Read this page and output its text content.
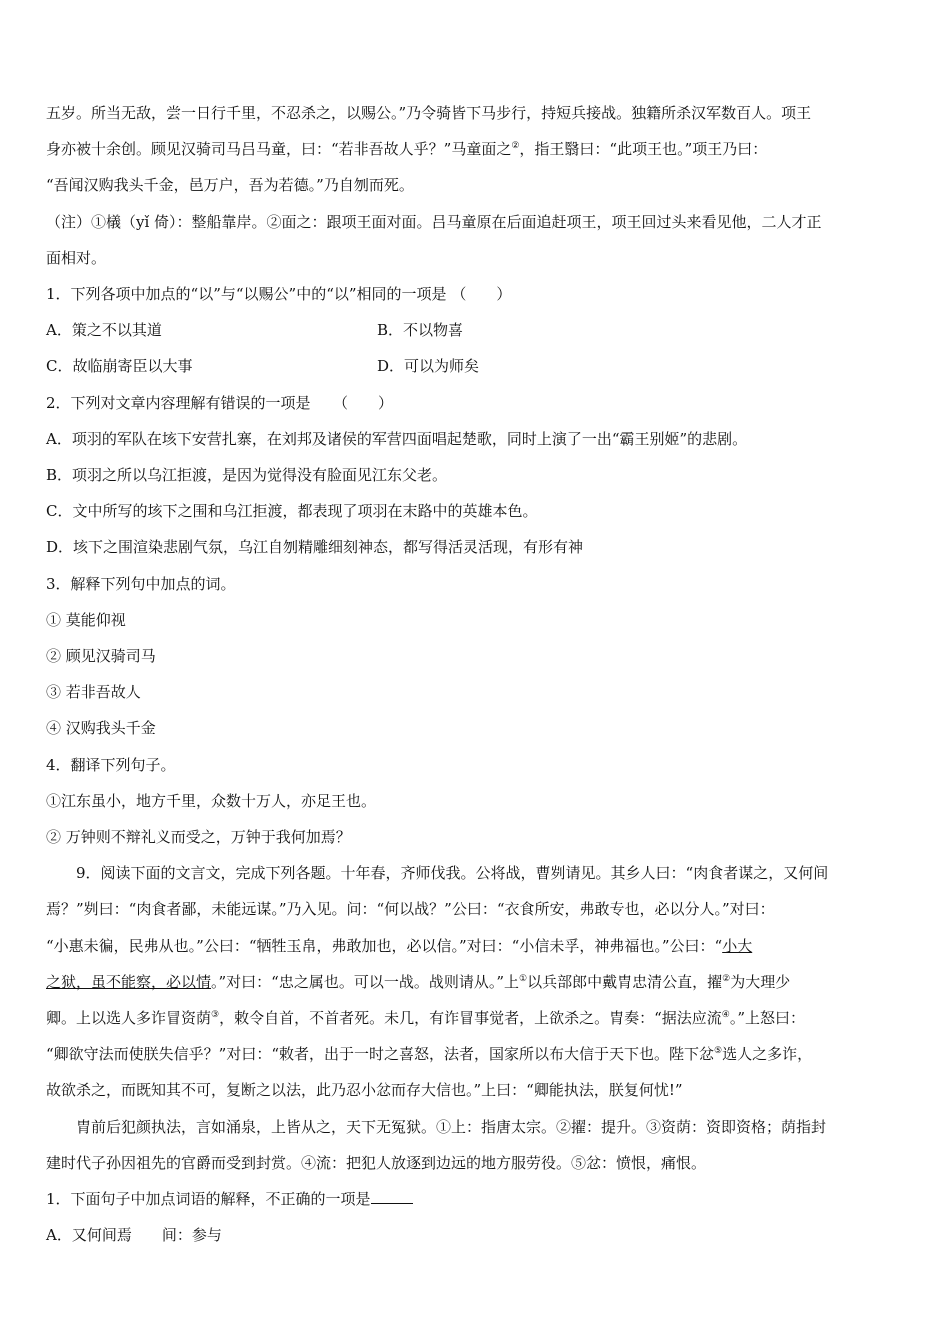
五岁。所当无敌，尝一日行千里，不忍杀之，以赐公。”乃令骑皆下马步行，持短兵接战。独籍所杀汉军数百人。项王

身亦被十余创。顾见汉骑司马吕马童，曰：“若非吾故人乎？”马童面之②，指王翳曰：“此项王也。”项王乃曰：

“吾闻汉购我头千金，邑万户，吾为若德。”乃自刎而死。

（注）①檥（yǐ 倚）：整船靠岸。②面之：跟项王面对面。吕马童原在后面追赶项王，项王回过头来看见他，二人才正

面相对。

1．下列各项中加点的“以”与“以赐公”中的“以”相同的一项是 （　　）

A．策之不以其道	B．不以物喜
C．故临崩寄臣以大事	D．可以为师矣

2．下列对文章内容理解有错误的一项是　　（　　）

A．项羽的军队在垓下安营扎寨，在刘邦及诸侯的军营四面唱起楚歌，同时上演了一出“霸王别姬”的悲剧。

B．项羽之所以乌江拒渡，是因为觉得没有脸面见江东父老。

C．文中所写的垓下之围和乌江拒渡，都表现了项羽在末路中的英雄本色。

D．垓下之围渲染悲剧气氛，乌江自刎精雕细刻神态，都写得活灵活现，有形有神

3．解释下列句中加点的词。

① 莫能仰视

② 顾见汉骑司马

③ 若非吾故人

④ 汉购我头千金

4．翻译下列句子。

①江东虽小，地方千里，众数十万人，亦足王也。

② 万钟则不辩礼义而受之，万钟于我何加焉？

9．阅读下面的文言文，完成下列各题。十年春，齐师伐我。公将战，曹刿请见。其乡人曰：“肉食者谋之，又何间

焉？”刿曰：“肉食者鄙，未能远谋。”乃入见。问：“何以战？”公曰：“衣食所安，弗敢专也，必以分人。”对曰：

“小惠未徧，民弗从也。”公曰：“牺牲玉帛，弗敢加也，必以信。”对曰：“小信未孚，神弗福也。”公曰：“小大

之狱，虽不能察，必以情。”对曰：“忠之属也。可以一战。战则请从。”上①以兵部郎中戴胄忠清公直，擢②为大理少

卿。上以选人多诈冒资荫③，敕令自首，不首者死。未几，有诈冒事觉者，上欲杀之。胄奏：“据法应流④。”上怒曰：

“卿欲守法而使朕失信乎？”对曰：“敕者，出于一时之喜怒，法者，国家所以布大信于天下也。陛下忿⑤选人之多诈，

故欲杀之，而既知其不可，复断之以法，此乃忍小忿而存大信也。”上曰：“卿能执法，朕复何忧!”

胄前后犯颜执法，言如涌泉，上皆从之，天下无冤狱。①上：指唐太宗。②擢：提升。③资荫：资即资格；荫指封

建时代子孙因祖先的官爵而受到封赏。④流：把犯人放逐到边远的地方服劳役。⑤忿：愤恨，痛恨。

1．下面句子中加点词语的解释，不正确的一项是

A．又何间焉　　间：参与
